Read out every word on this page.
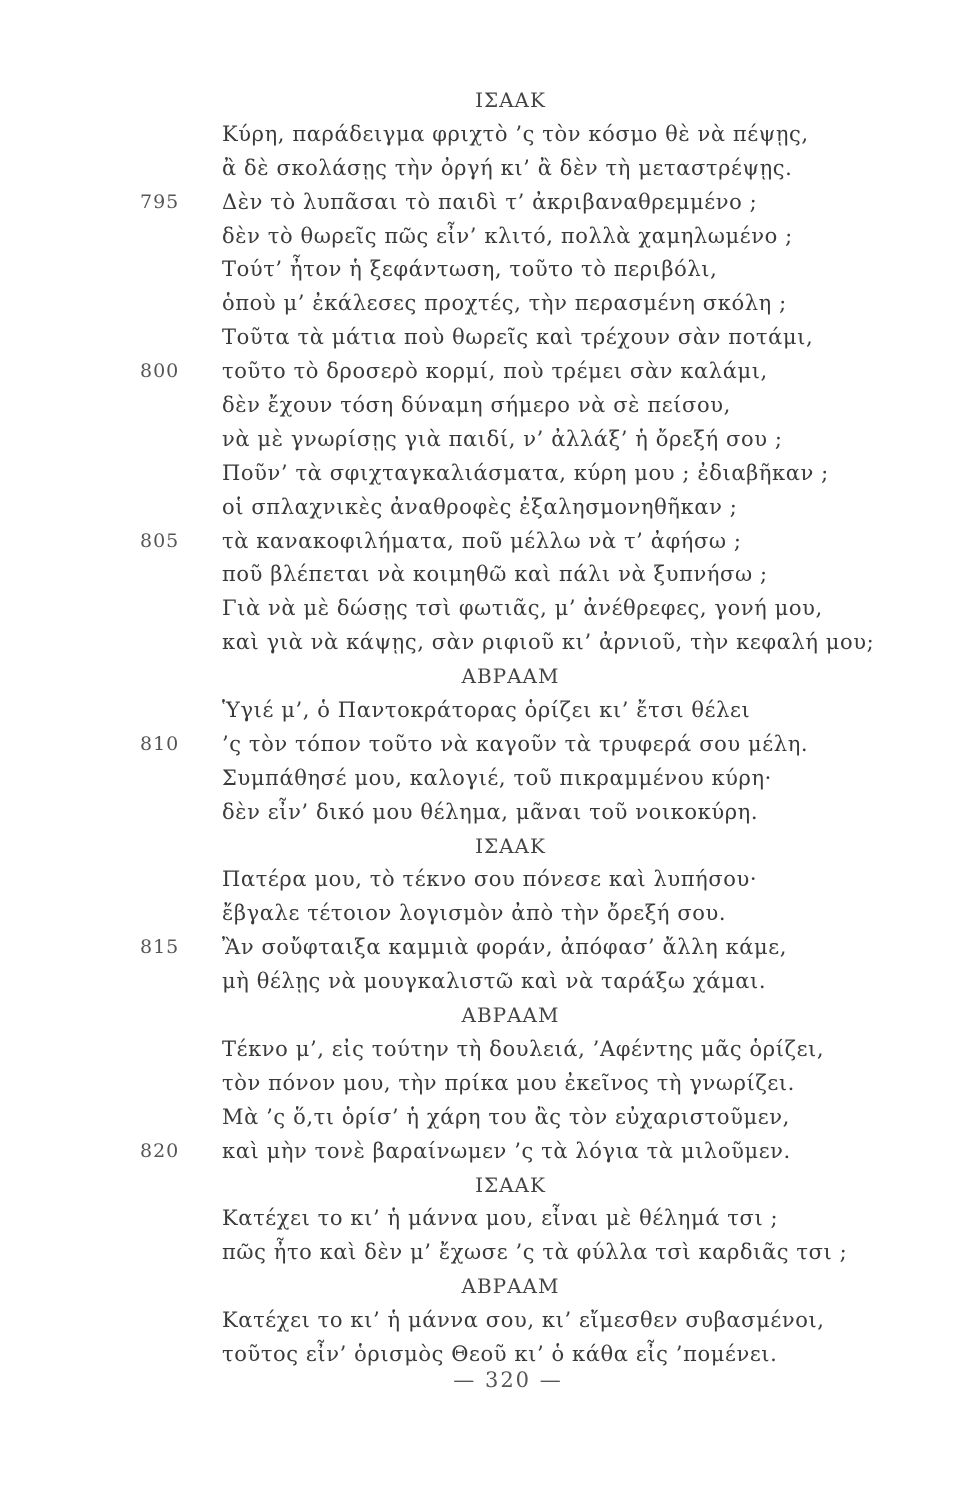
ΙΣΑΑΚ
Κύρη, παράδειγμα φριχτὸ ’ς τὸν κόσμο θὲ νὰ πέψῃς,
ἂ δὲ σκολάσῃς τὴν ὀργή κι’ ἂ δὲν τὴ μεταστρέψῃς.
795 Δὲν τὸ λυπᾶσαι τὸ παιδὶ τ’ ἀκριβαναθρεμμένο ;
δὲν τὸ θωρεῖς πῶς εἶν’ κλιτό, πολλὰ χαμηλωμένο ;
Τούτ’ ἦτον ἡ ξεφάντωση, τοῦτο τὸ περιβόλι,
ὁποὺ μ’ ἐκάλεσες προχτές, τὴν περασμένη σκόλη ;
Τοῦτα τὰ μάτια ποὺ θωρεῖς καὶ τρέχουν σὰν ποτάμι,
800 τοῦτο τὸ δροσερὸ κορμί, ποὺ τρέμει σὰν καλάμι,
δὲν ἔχουν τόση δύναμη σήμερο νὰ σὲ πείσου,
νὰ μὲ γνωρίσῃς γιὰ παιδί, ν’ ἀλλάξ’ ἡ ὄρεξή σου ;
Ποῦν’ τὰ σφιχταγκαλιάσματα, κύρη μου ; ἐδιαβῆκαν ;
οἱ σπλαχνικὲς ἀναθροφὲς ἐξαλησμονηθῆκαν ;
805 τὰ κανακοφιλήματα, ποῦ μέλλω νὰ τ’ ἀφήσω ;
ποῦ βλέπεται νὰ κοιμηθῶ καὶ πάλι νὰ ξυπνήσω ;
Γιὰ νὰ μὲ δώσῃς τσὶ φωτιᾶς, μ’ ἀνέθρεφες, γονή μου,
καὶ γιὰ νὰ κάψῃς, σὰν ριφιοῦ κι’ ἀρνιοῦ, τὴν κεφαλή μου;
ΑΒΡΑΑΜ
Ὑγιέ μ’, ὁ Παντοκράτορας ὁρίζει κι’ ἔτσι θέλει
810 ’ς τὸν τόπον τοῦτο νὰ καγοῦν τὰ τρυφερά σου μέλη.
Συμπάθησέ μου, καλογιέ, τοῦ πικραμμένου κύρη·
δὲν εἶν’ δικό μου θέλημα, μᾶναι τοῦ νοικοκύρη.
ΙΣΑΑΚ
Πατέρα μου, τὸ τέκνο σου πόνεσε καὶ λυπήσου·
ἔβγαλε τέτοιον λογισμὸν ἀπὸ τὴν ὄρεξή σου.
815 Ἂν σοὔφταιξα καμμιὰ φοράν, ἀπόφασ’ ἄλλη κάμε,
μὴ θέλῃς νὰ μουγκαλιστῶ καὶ νὰ ταράξω χάμαι.
ΑΒΡΑΑΜ
Τέκνο μ’, εἰς τούτην τὴ δουλειά, ’Αφέντης μᾶς ὁρίζει,
τὸν πόνον μου, τὴν πρίκα μου ἐκεῖνος τὴ γνωρίζει.
Μὰ ’ς ὅ,τι ὁρίσ’ ἡ χάρη του ἂς τὸν εὐχαριστοῦμεν,
820 καὶ μὴν τονὲ βαραίνωμεν ’ς τὰ λόγια τὰ μιλοῦμεν.
ΙΣΑΑΚ
Κατέχει το κι’ ἡ μάννα μου, εἶναι μὲ θέλημά τσι ;
πῶς ἦτο καὶ δὲν μ’ ἔχωσε ’ς τὰ φύλλα τσὶ καρδιᾶς τσι ;
ΑΒΡΑΑΜ
Κατέχει το κι’ ἡ μάννα σου, κι’ εἴμεσθεν συβασμένοι,
τοῦτος εἶν’ ὁρισμὸς Θεοῦ κι’ ὁ κάθα εἶς ’πομένει.
— 320 —
